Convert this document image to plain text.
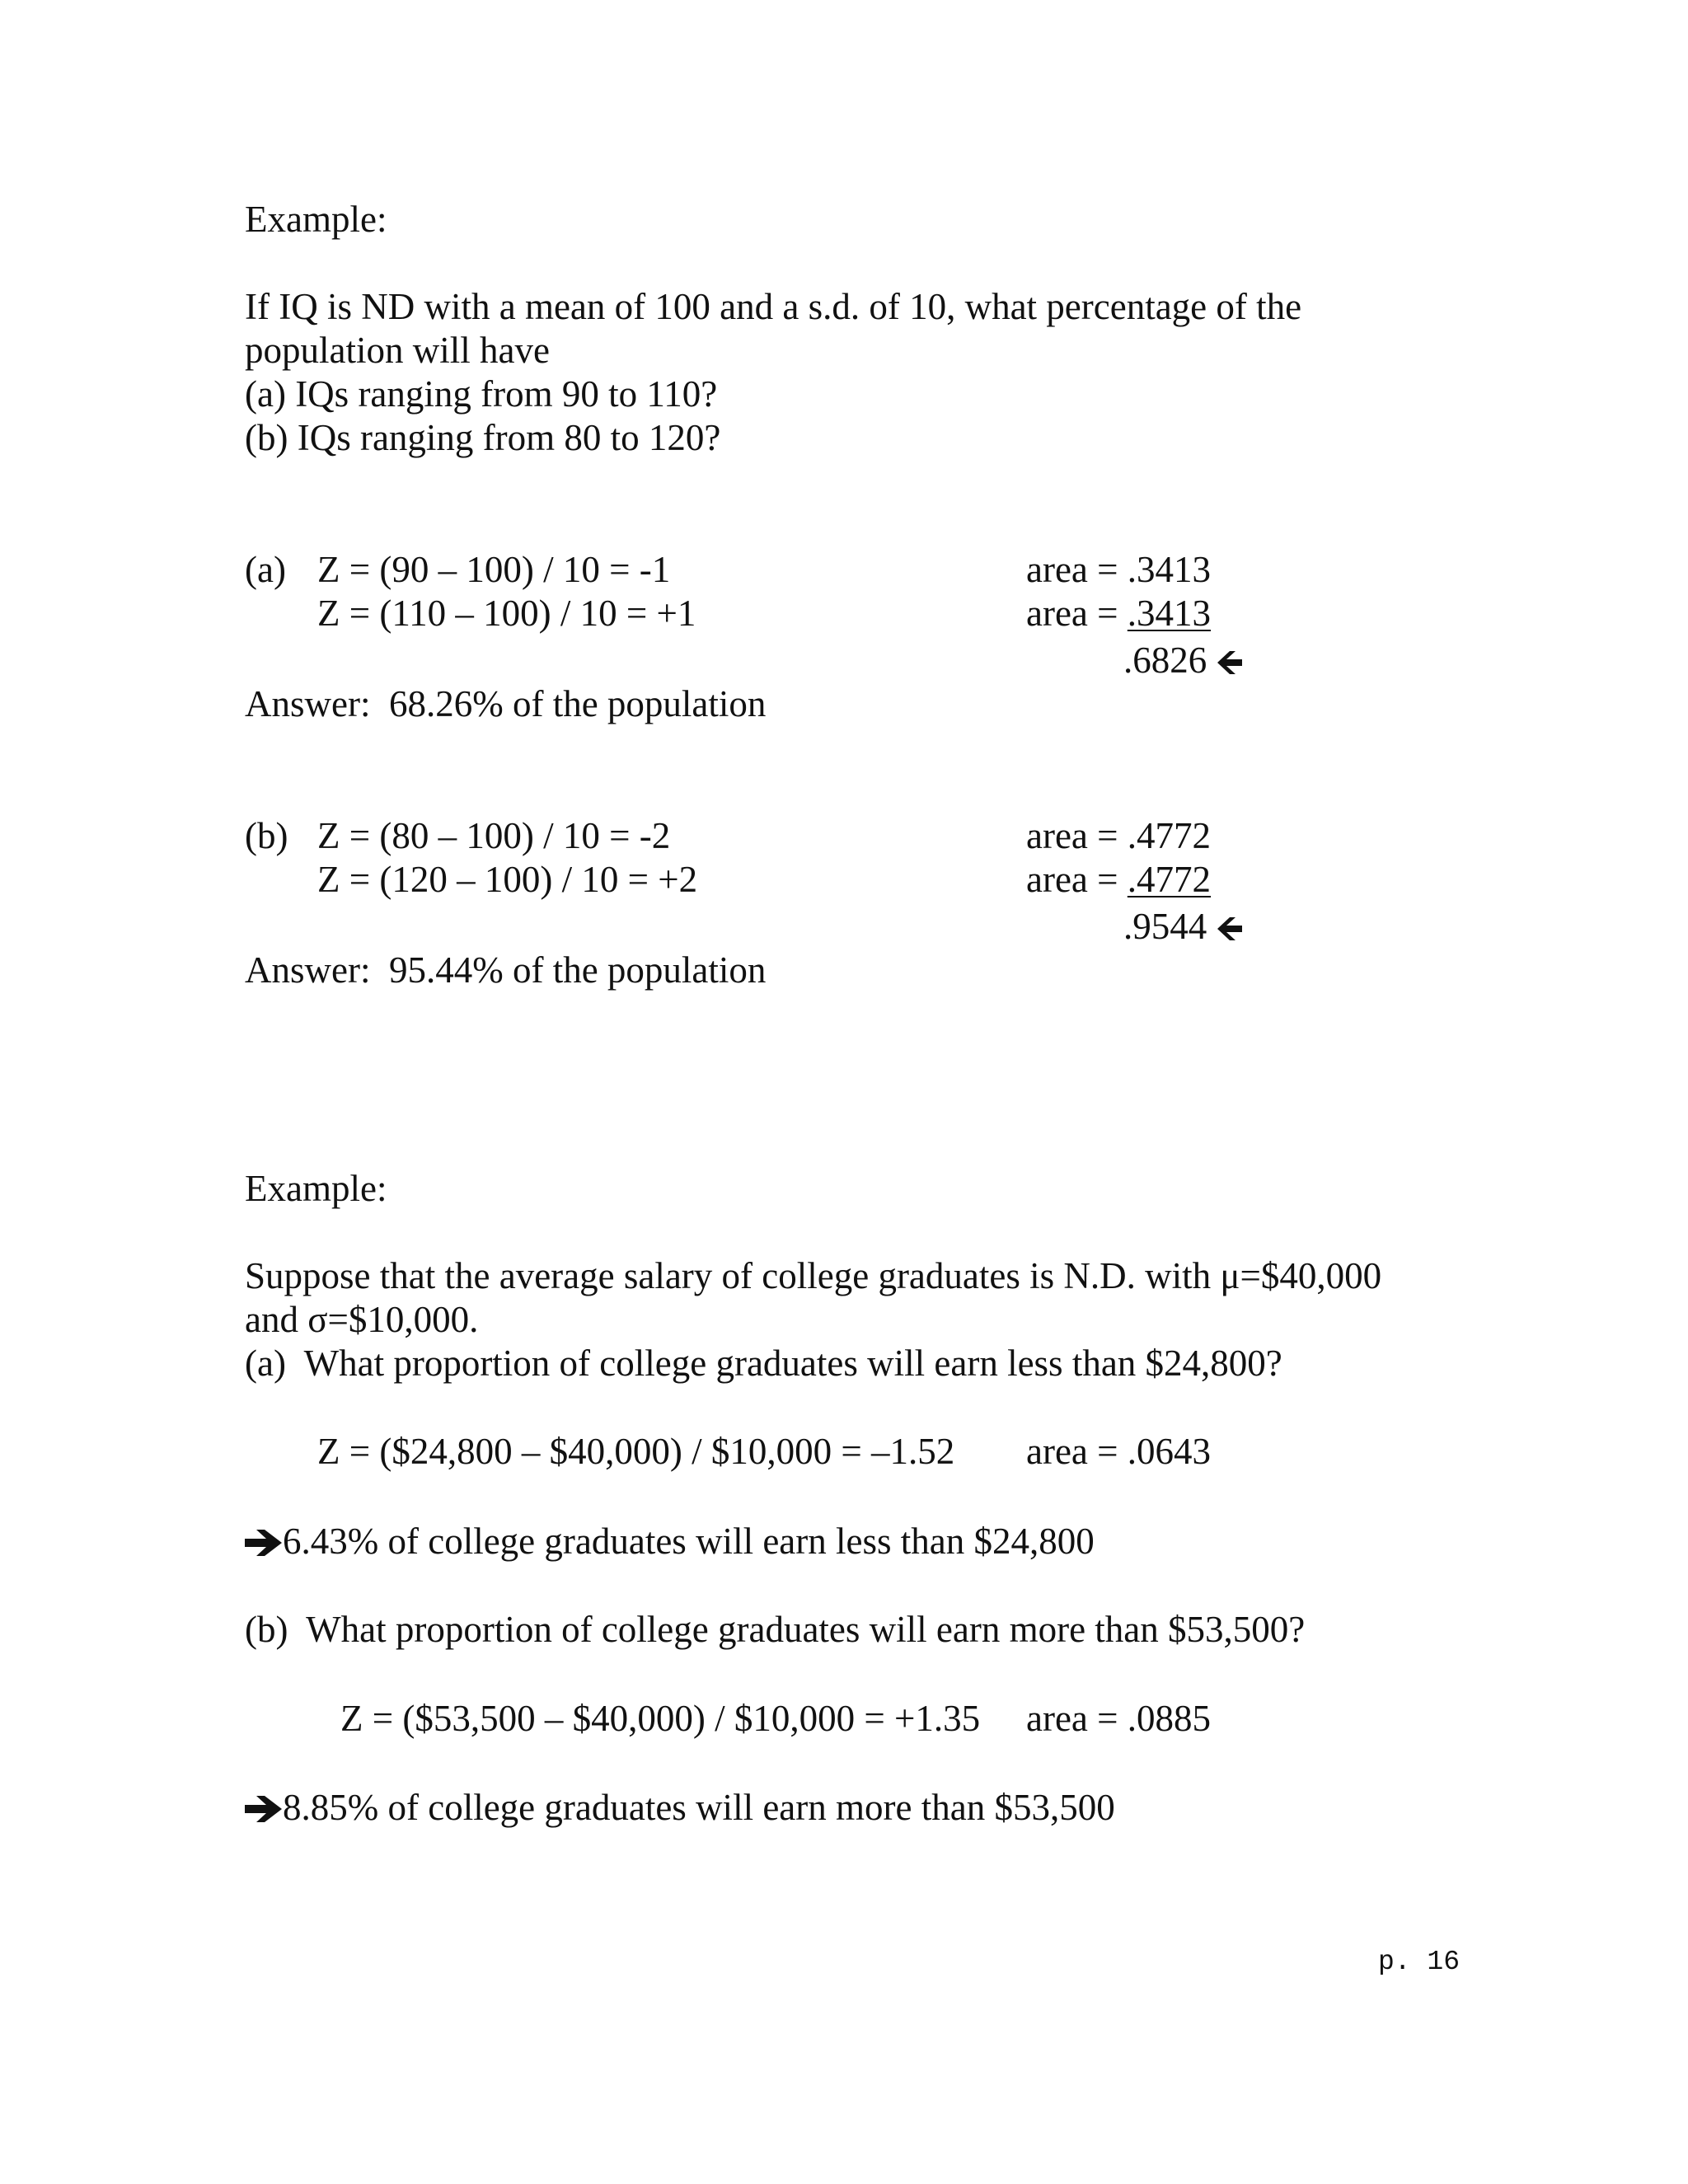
Example:
If IQ is ND with a mean of 100 and a s.d. of 10, what percentage of the
population will have
(a) IQs ranging from 90 to 110?
(b) IQs ranging from 80 to 120?
(a) Z = (90 – 100) / 10 = -1
Z = (110 – 100) / 10 = +1
area = .3413
area = .3413
.6826
Answer:  68.26% of the population
(b) Z = (80 – 100) / 10 = -2
Z = (120 – 100) / 10 = +2
area = .4772
area = .4772
.9544
Answer:  95.44% of the population
Example:
Suppose that the average salary of college graduates is N.D. with μ=$40,000
and σ=$10,000.
(a)  What proportion of college graduates will earn less than $24,800?
Z = ($24,800 – $40,000) / $10,000 = –1.52 area = .0643
6.43% of college graduates will earn less than $24,800
(b)  What proportion of college graduates will earn more than $53,500?
Z = ($53,500 – $40,000) / $10,000 = +1.35 area = .0885
8.85% of college graduates will earn more than $53,500
p. 16
